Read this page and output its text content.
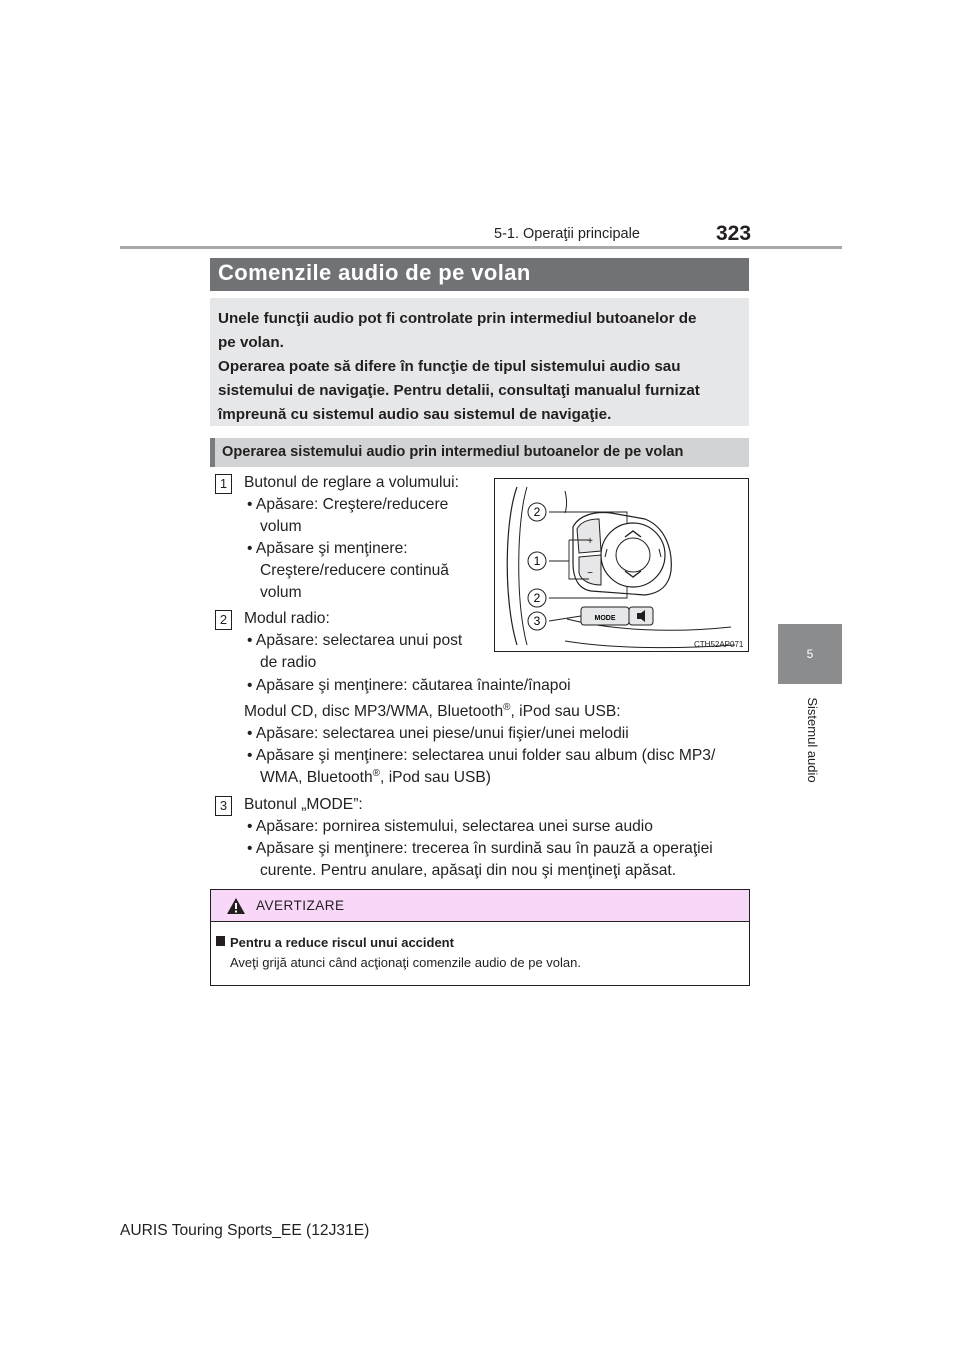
323
5-1. Operaţii principale
5
Sistemul audio
Comenzile audio de pe volan
Unele funcţii audio pot fi controlate prin intermediul butoanelor de
pe volan.
Operarea poate să difere în funcţie de tipul sistemului audio sau
sistemului de navigaţie. Pentru detalii, consultaţi manualul furnizat
împreună cu sistemul audio sau sistemul de navigaţie.
Operarea sistemului audio prin intermediul butoanelor de pe volan
1	Butonul de reglare a volumului:
• Apăsare: Creştere/reducere
volum
• Apăsare şi menţinere:
Creştere/reducere continuă
volum
2	Modul radio:
• Apăsare: selectarea unui post
de radio
• Apăsare şi menţinere: căutarea înainte/înapoi
Modul CD, disc MP3/WMA, Bluetooth®, iPod sau USB:
• Apăsare: selectarea unei piese/unui fişier/unei melodii
• Apăsare şi menţinere: selectarea unui folder sau album (disc MP3/
WMA, Bluetooth®, iPod sau USB)
3	Butonul „MODE”:
• Apăsare: pornirea sistemului, selectarea unei surse audio
• Apăsare şi menţinere: trecerea în surdină sau în pauză a operaţiei
curente. Pentru anulare, apăsaţi din nou şi menţineţi apăsat.
+
−
MODE
2
1
2
3
CTH52AP071
AVERTIZARE
Pentru a reduce riscul unui accident
Aveţi grijă atunci când acţionaţi comenzile audio de pe volan.
AURIS Touring Sports_EE (12J31E)
